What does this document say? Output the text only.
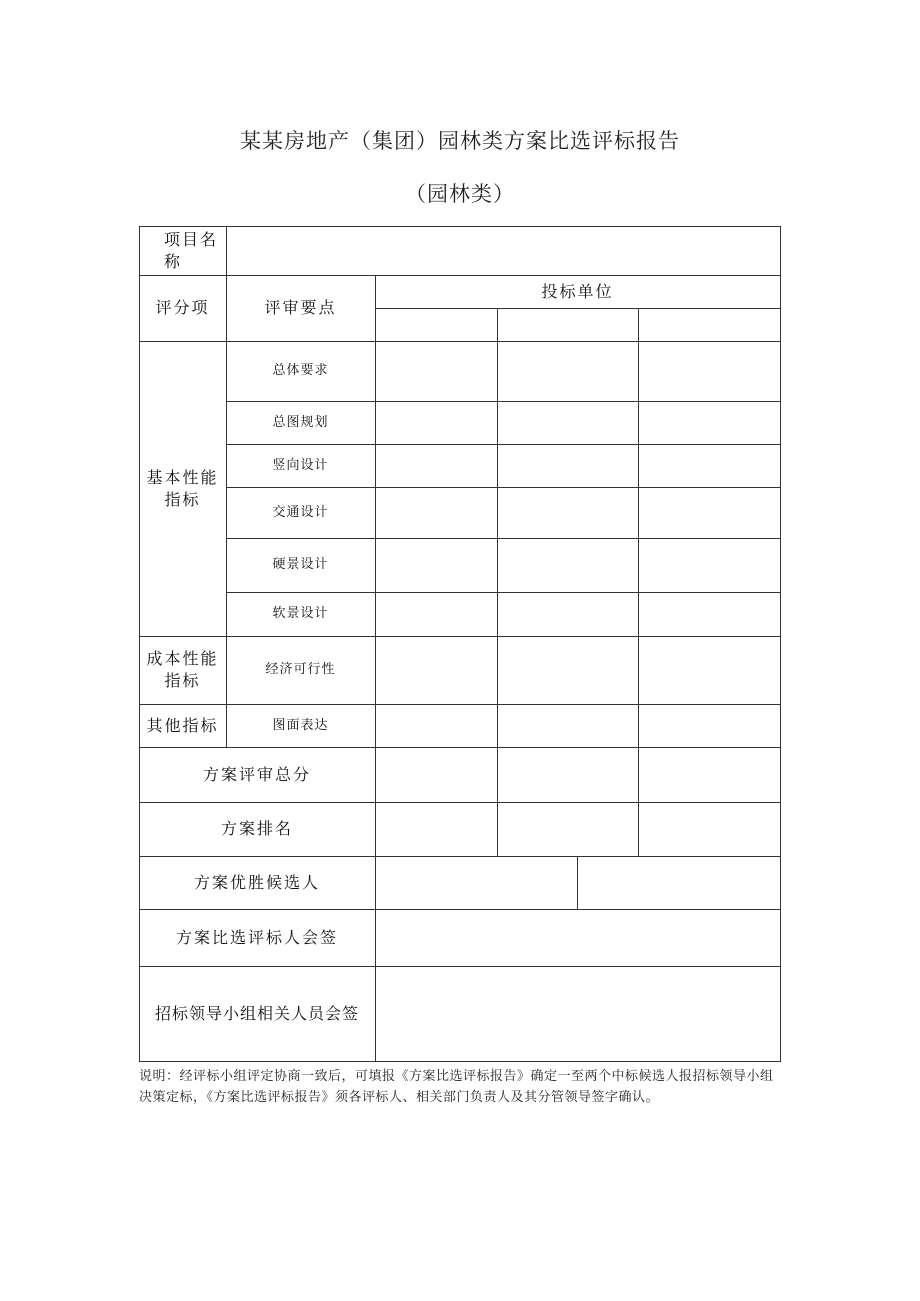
某某房地产（集团）园林类方案比选评标报告
（园林类）
项目名
称
评分项	评审要点
投标单位
基本性能
指标
成本性能
指标
其他指标
总体要求
总图规划
竖向设计
交通设计
硬景设计
软景设计
经济可行性
图面表达
方案评审总分
方案排名
方案优胜候选人
方案比选评标人会签
招标领导小组相关人员会签
说明：经评标小组评定协商一致后，可填报《方案比选评标报告》确定一至两个中标候选人报招标领导小组决策定标，《方案比选评标报告》须各评标人、相关部门负责人及其分管领导签字确认。
